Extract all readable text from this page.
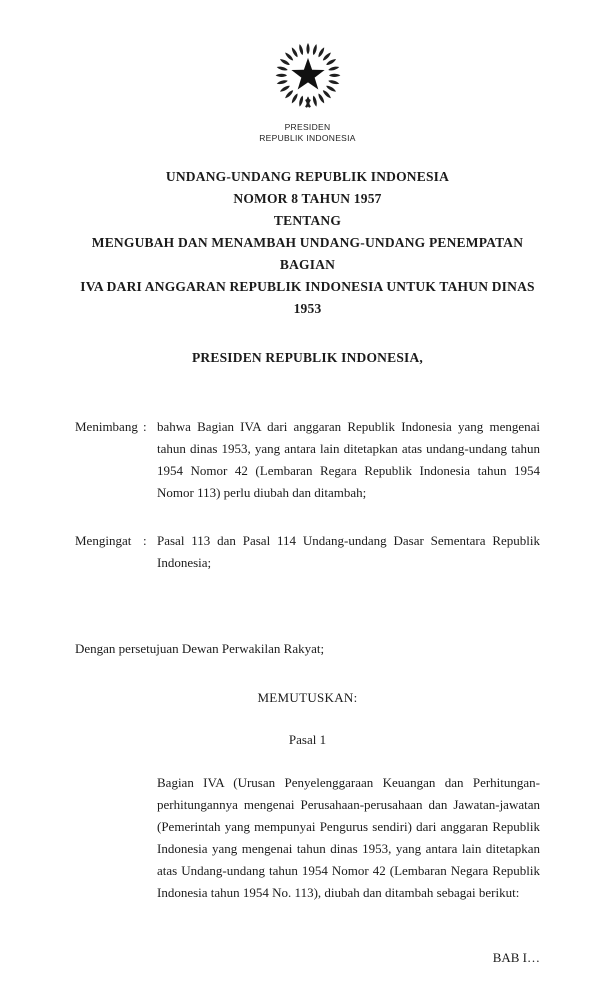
PRESIDEN
REPUBLIK INDONESIA
UNDANG-UNDANG REPUBLIK INDONESIA
NOMOR 8 TAHUN 1957
TENTANG
MENGUBAH DAN MENAMBAH UNDANG-UNDANG PENEMPATAN BAGIAN
IVA DARI ANGGARAN REPUBLIK INDONESIA UNTUK TAHUN DINAS 1953
PRESIDEN REPUBLIK INDONESIA,
Menimbang : bahwa Bagian IVA dari anggaran Republik Indonesia yang mengenai tahun dinas 1953, yang antara lain ditetapkan atas undang-undang tahun 1954 Nomor 42 (Lembaran Regara Republik Indonesia tahun 1954 Nomor 113) perlu diubah dan ditambah;
Mengingat : Pasal 113 dan Pasal 114 Undang-undang Dasar Sementara Republik Indonesia;
Dengan persetujuan Dewan Perwakilan Rakyat;
MEMUTUSKAN:
Pasal 1
Bagian IVA (Urusan Penyelenggaraan Keuangan dan Perhitungan-perhitungannya mengenai Perusahaan-perusahaan dan Jawatan-jawatan (Pemerintah yang mempunyai Pengurus sendiri) dari anggaran Republik Indonesia yang mengenai tahun dinas 1953, yang antara lain ditetapkan atas Undang-undang tahun 1954 Nomor 42 (Lembaran Negara Republik Indonesia tahun 1954 No. 113), diubah dan ditambah sebagai berikut:
BAB I…
